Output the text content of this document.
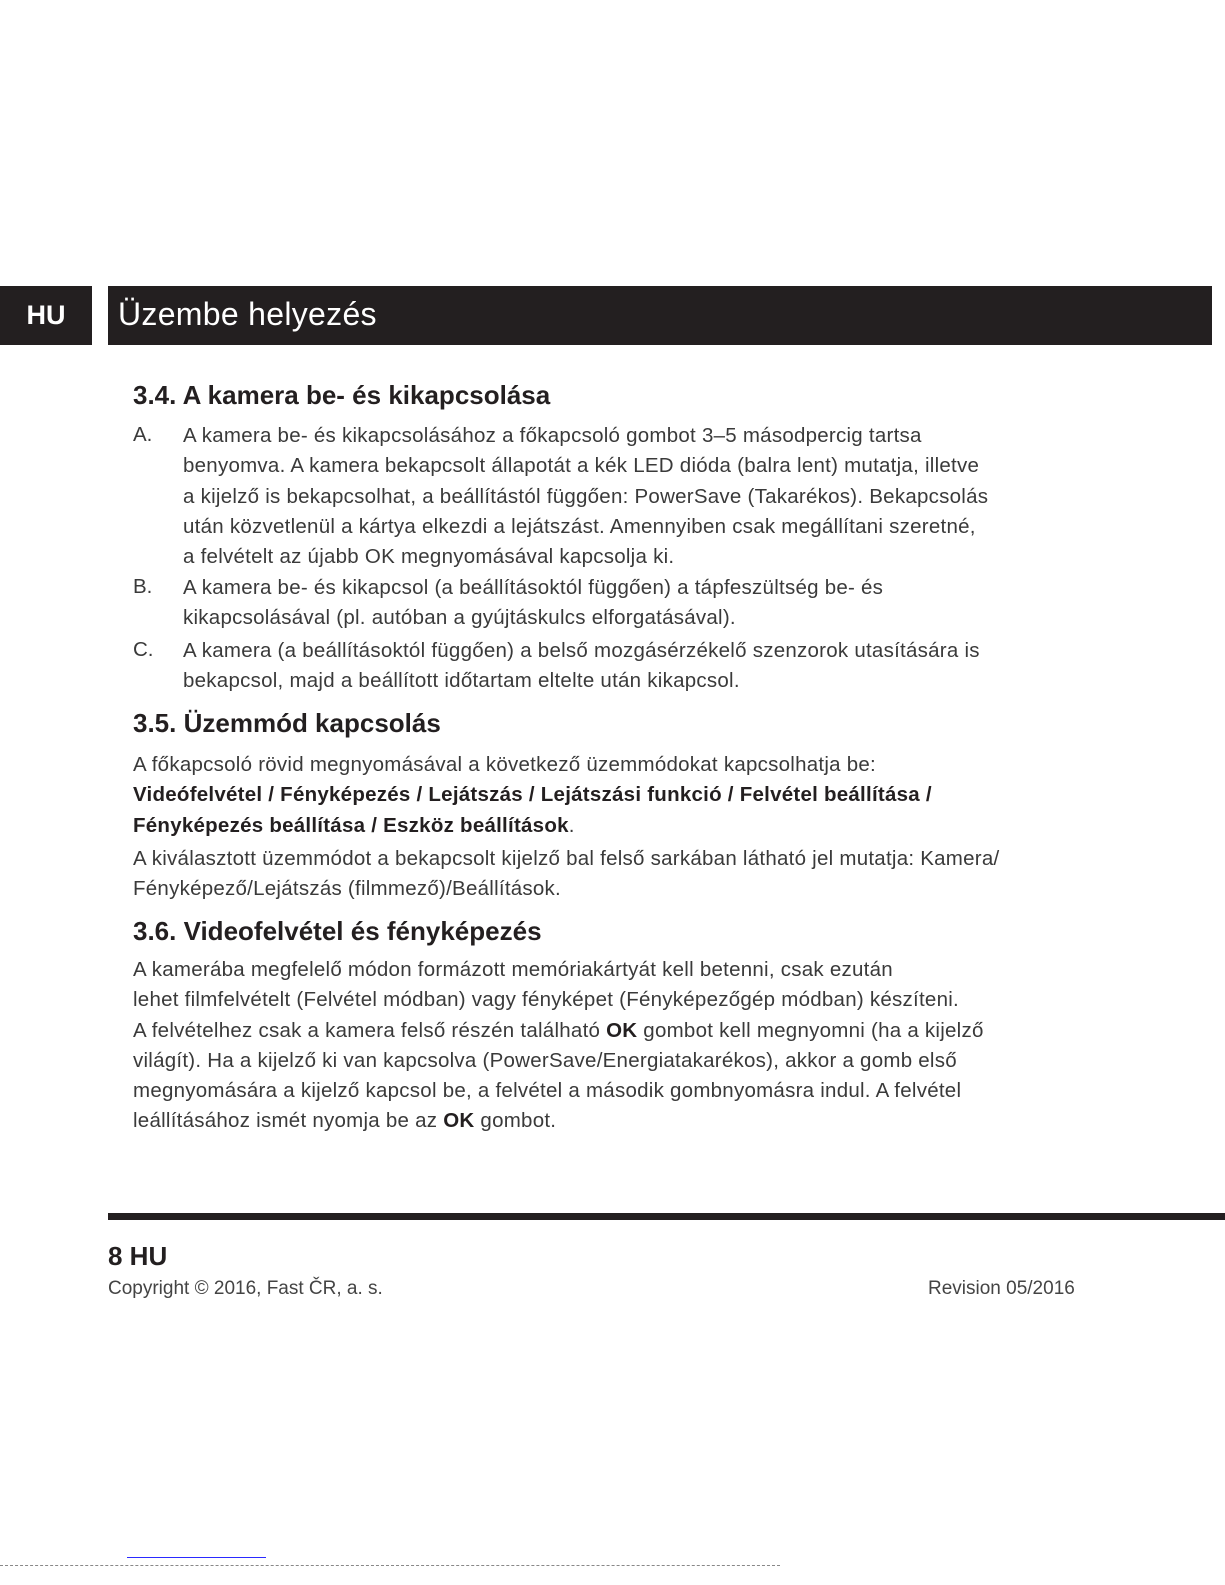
HU	Üzembe helyezés
3.4. A kamera be- és kikapcsolása
A. A kamera be- és kikapcsolásához a főkapcsoló gombot 3–5 másodpercig tartsa
benyomva. A kamera bekapcsolt állapotát a kék LED dióda (balra lent) mutatja, illetve
a kijelző is bekapcsolhat, a beállítástól függően: PowerSave (Takarékos). Bekapcsolás
után közvetlenül a kártya elkezdi a lejátszást. Amennyiben csak megállítani szeretné,
a felvételt az újabb OK megnyomásával kapcsolja ki.
B. A kamera be- és kikapcsol (a beállításoktól függően) a tápfeszültség be- és
kikapcsolásával (pl. autóban a gyújtáskulcs elforgatásával).
C. A kamera (a beállításoktól függően) a belső mozgásérzékelő szenzorok utasítására is
bekapcsol, majd a beállított időtartam eltelte után kikapcsol.
3.5. Üzemmód kapcsolás
A főkapcsoló rövid megnyomásával a következő üzemmódokat kapcsolhatja be:
Videófelvétel / Fényképezés / Lejátszás / Lejátszási funkció / Felvétel beállítása /
Fényképezés beállítása / Eszköz beállítások.
A kiválasztott üzemmódot a bekapcsolt kijelző bal felső sarkában látható jel mutatja: Kamera/
Fényképező/Lejátszás (filmmező)/Beállítások.
3.6. Videofelvétel és fényképezés
A kamerába megfelelő módon formázott memóriakártyát kell betenni, csak ezután
lehet filmfelvételt (Felvétel módban) vagy fényképet (Fényképezőgép módban) készíteni.
A felvételhez csak a kamera felső részén található OK gombot kell megnyomni (ha a kijelző
világít). Ha a kijelző ki van kapcsolva (PowerSave/Energiatakarékos), akkor a gomb első
megnyomására a kijelző kapcsol be, a felvétel a második gombnyomásra indul. A felvétel
leállításához ismét nyomja be az OK gombot.
8 HU
Copyright © 2016, Fast ČR, a. s.	Revision 05/2016
